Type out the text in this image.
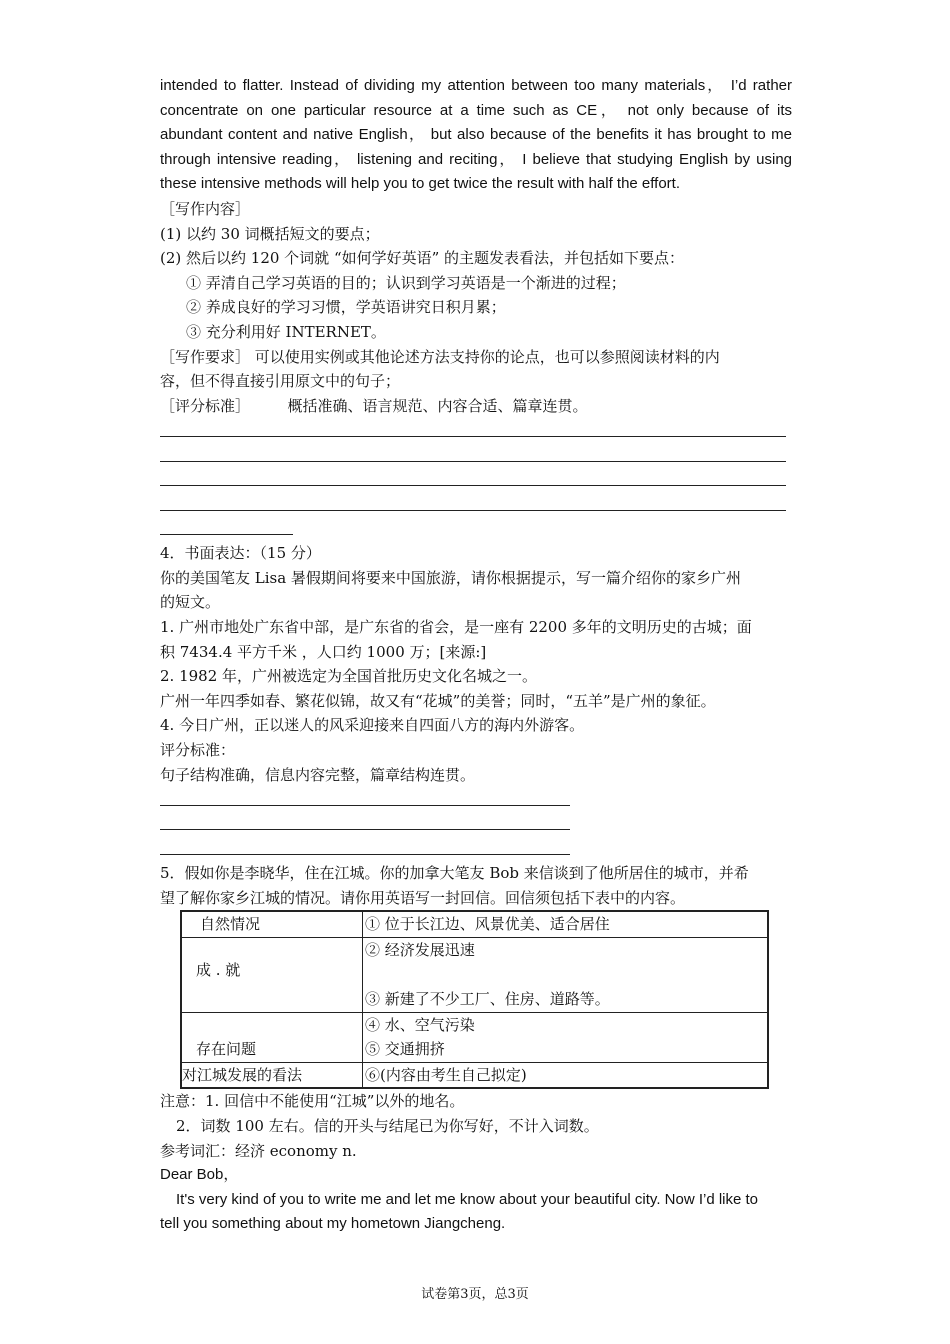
intended to flatter. Instead of dividing my attention between too many materials， I’d rather
concentrate on one particular resource at a time such as CE， not only because of its
abundant content and native English， but also because of the benefits it has brought to me
through intensive reading， listening and reciting， I believe that studying English by using
these intensive methods will help you to get twice the result with half the effort.
［写作内容］
(1) 以约 30 词概括短文的要点；
(2) 然后以约 120 个词就 “如何学好英语” 的主题发表看法，并包括如下要点：
① 弄清自己学习英语的目的；认识到学习英语是一个渐进的过程；
② 养成良好的学习习惯，学英语讲究日积月累；
③ 充分利用好 INTERNET。
［写作要求］ 可以使用实例或其他论述方法支持你的论点，也可以参照阅读材料的内
容，但不得直接引用原文中的句子；
［评分标准］　　　概括准确、语言规范、内容合适、篇章连贯。
4．书面表达：（15 分）
你的美国笔友 Lisa 暑假期间将要来中国旅游，请你根据提示，写一篇介绍你的家乡广州
的短文。
1. 广州市地处广东省中部，是广东省的省会，是一座有 2200 多年的文明历史的古城；面
积 7434.4 平方千米 ，人口约 1000 万；[来源:]
2. 1982 年，广州被选定为全国首批历史文化名城之一。
广州一年四季如春、繁花似锦，故又有“花城”的美誉；同时，“五羊”是广州的象征。
4. 今日广州，正以迷人的风采迎接来自四面八方的海内外游客。
评分标准：
句子结构准确，信息内容完整，篇章结构连贯。
5．假如你是李晓华，住在江城。你的加拿大笔友 Bob 来信谈到了他所居住的城市，并希
望了解你家乡江城的情况。请你用英语写一封回信。回信须包括下表中的内容。
自然情况	① 位于长江边、风景优美、适合居住
成 . 就	② 经济发展迅速
③ 新建了不少工厂、住房、道路等。

存在问题	④ 水、空气污染
⑤ 交通拥挤

对江城发展的看法	⑥(内容由考生自己拟定)
注意：1. 回信中不能使用“江城”以外的地名。
2．词数 100 左右。信的开头与结尾已为你写好，不计入词数。
参考词汇：经济 economy n.
Dear Bob，
It's very kind of you to write me and let me know about your beautiful city. Now I’d like to
tell you something about my hometown Jiangcheng.
试卷第3页，总3页
